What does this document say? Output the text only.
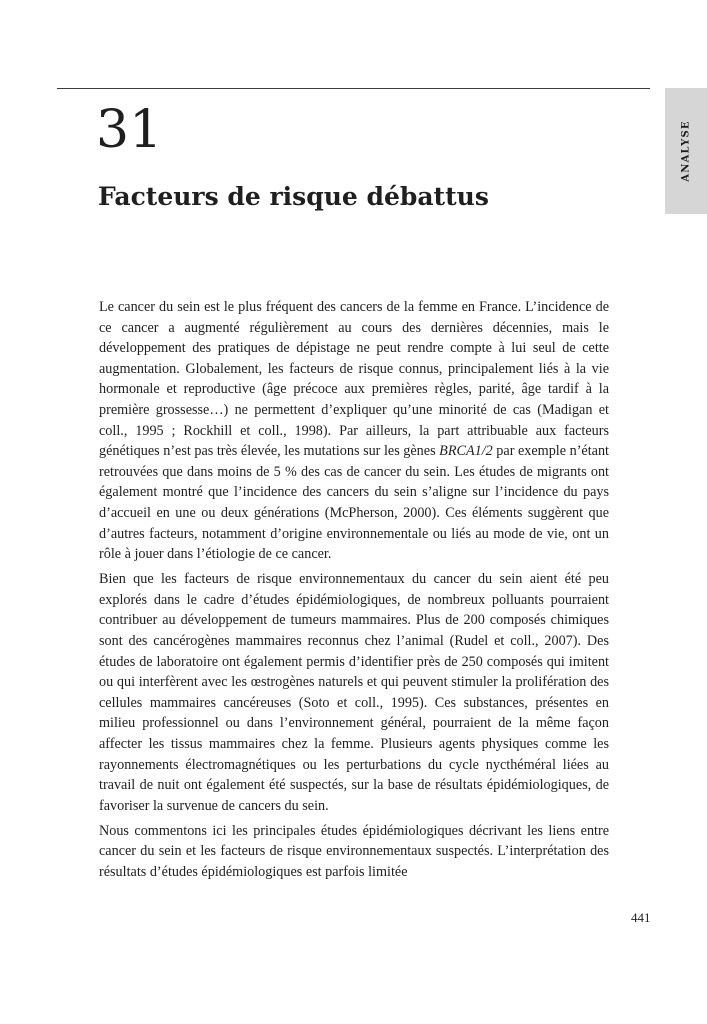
ANALYSE
31
Facteurs de risque débattus

Le cancer du sein est le plus fréquent des cancers de la femme en France. L’incidence de ce cancer a augmenté régulièrement au cours des dernières décennies, mais le développement des pratiques de dépistage ne peut rendre compte à lui seul de cette augmentation. Globalement, les facteurs de risque connus, principalement liés à la vie hormonale et reproductive (âge précoce aux premières règles, parité, âge tardif à la première grossesse…) ne permettent d’expliquer qu’une minorité de cas (Madigan et coll., 1995 ; Rockhill et coll., 1998). Par ailleurs, la part attribuable aux facteurs génétiques n’est pas très élevée, les mutations sur les gènes BRCA1/2 par exemple n’étant retrouvées que dans moins de 5 % des cas de cancer du sein. Les études de migrants ont également montré que l’incidence des cancers du sein s’aligne sur l’incidence du pays d’accueil en une ou deux générations (McPherson, 2000). Ces éléments suggèrent que d’autres facteurs, notamment d’origine environnementale ou liés au mode de vie, ont un rôle à jouer dans l’étiologie de ce cancer.

Bien que les facteurs de risque environnementaux du cancer du sein aient été peu explorés dans le cadre d’études épidémiologiques, de nombreux polluants pourraient contribuer au développement de tumeurs mammaires. Plus de 200 composés chimiques sont des cancérogènes mammaires reconnus chez l’animal (Rudel et coll., 2007). Des études de laboratoire ont également permis d’identifier près de 250 composés qui imitent ou qui interfèrent avec les œstrogènes naturels et qui peuvent stimuler la prolifération des cellules mammaires cancéreuses (Soto et coll., 1995). Ces substances, présentes en milieu professionnel ou dans l’environnement général, pourraient de la même façon affecter les tissus mammaires chez la femme. Plusieurs agents physiques comme les rayonnements électromagnétiques ou les perturbations du cycle nycthéméral liées au travail de nuit ont également été suspectés, sur la base de résultats épidémiologiques, de favoriser la survenue de cancers du sein.

Nous commentons ici les principales études épidémiologiques décrivant les liens entre cancer du sein et les facteurs de risque environnementaux suspectés. L’interprétation des résultats d’études épidémiologiques est parfois limitée

441
